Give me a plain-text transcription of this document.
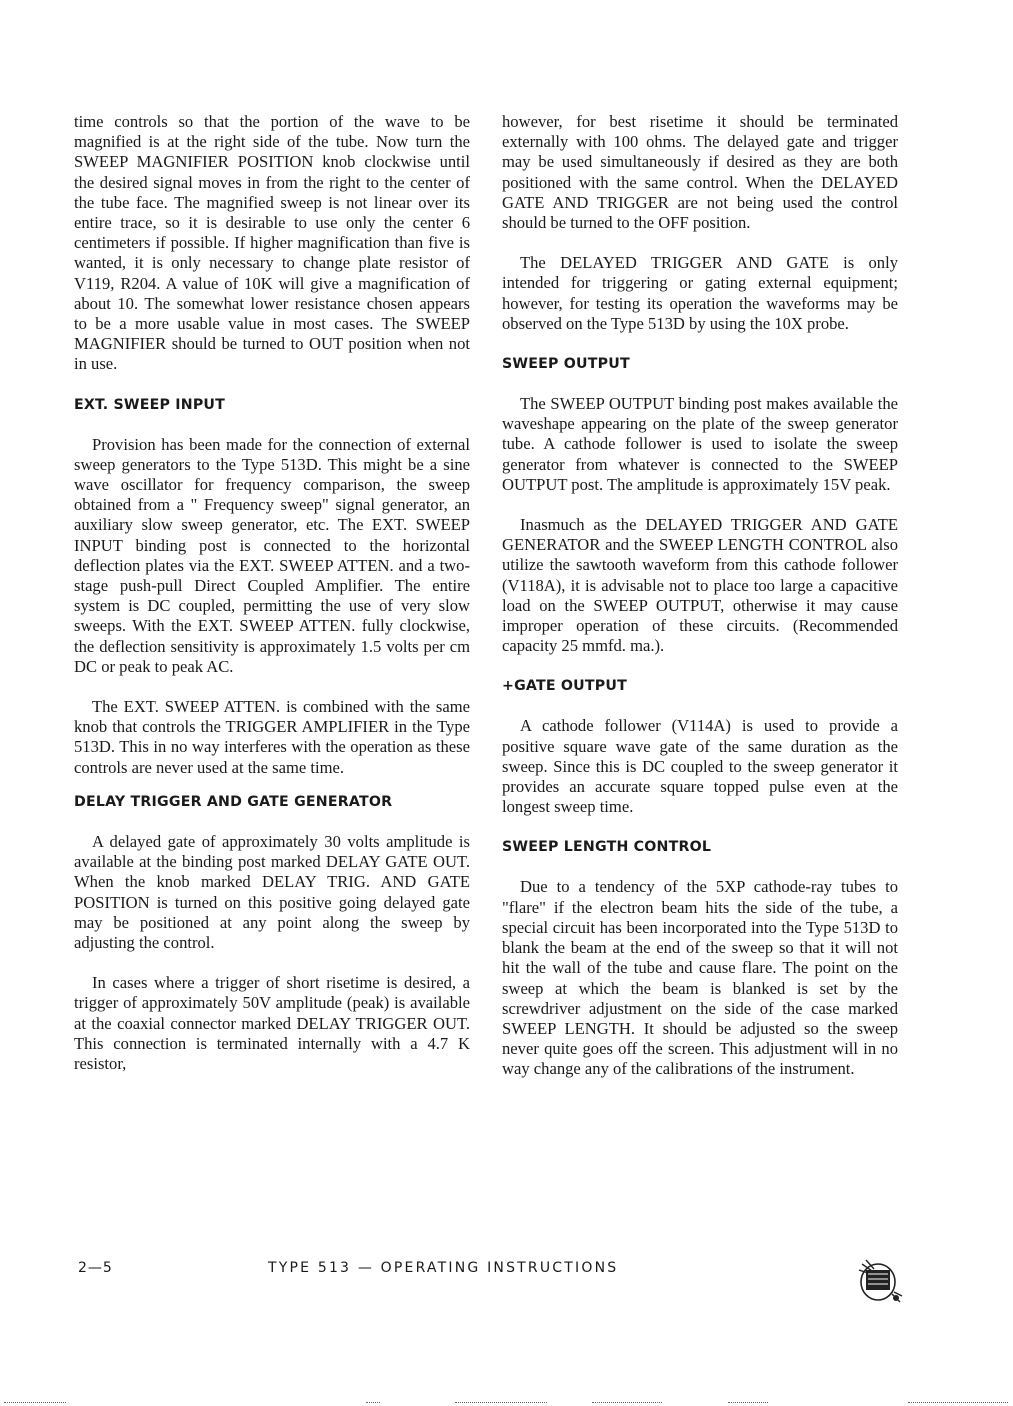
time controls so that the portion of the wave to be magnified is at the right side of the tube. Now turn the SWEEP MAGNIFIER POSITION knob clockwise until the desired signal moves in from the right to the center of the tube face. The magnified sweep is not linear over its entire trace, so it is desirable to use only the center 6 centimeters if possible. If higher magnification than five is wanted, it is only necessary to change plate resistor of V119, R204. A value of 10K will give a magnification of about 10. The somewhat lower resistance chosen appears to be a more usable value in most cases. The SWEEP MAGNIFIER should be turned to OUT position when not in use.

EXT. SWEEP INPUT

Provision has been made for the connection of external sweep generators to the Type 513D. This might be a sine wave oscillator for frequency comparison, the sweep obtained from a " Frequency sweep" signal generator, an auxiliary slow sweep generator, etc. The EXT. SWEEP INPUT binding post is connected to the horizontal deflection plates via the EXT. SWEEP ATTEN. and a two-stage push-pull Direct Coupled Amplifier. The entire system is DC coupled, permitting the use of very slow sweeps. With the EXT. SWEEP ATTEN. fully clockwise, the deflection sensitivity is approximately 1.5 volts per cm DC or peak to peak AC.

The EXT. SWEEP ATTEN. is combined with the same knob that controls the TRIGGER AMPLIFIER in the Type 513D. This in no way interferes with the operation as these controls are never used at the same time.

DELAY TRIGGER AND GATE GENERATOR

A delayed gate of approximately 30 volts amplitude is available at the binding post marked DELAY GATE OUT. When the knob marked DELAY TRIG. AND GATE POSITION is turned on this positive going delayed gate may be positioned at any point along the sweep by adjusting the control.

In cases where a trigger of short risetime is desired, a trigger of approximately 50V amplitude (peak) is available at the coaxial connector marked DELAY TRIGGER OUT. This connection is terminated internally with a 4.7 K resistor,

however, for best risetime it should be terminated externally with 100 ohms. The delayed gate and trigger may be used simultaneously if desired as they are both positioned with the same control. When the DELAYED GATE AND TRIGGER are not being used the control should be turned to the OFF position.

The DELAYED TRIGGER AND GATE is only intended for triggering or gating external equipment; however, for testing its operation the waveforms may be observed on the Type 513D by using the 10X probe.

SWEEP OUTPUT

The SWEEP OUTPUT binding post makes available the waveshape appearing on the plate of the sweep generator tube. A cathode follower is used to isolate the sweep generator from whatever is connected to the SWEEP OUTPUT post. The amplitude is approximately 15V peak.

Inasmuch as the DELAYED TRIGGER AND GATE GENERATOR and the SWEEP LENGTH CONTROL also utilize the sawtooth waveform from this cathode follower (V118A), it is advisable not to place too large a capacitive load on the SWEEP OUTPUT, otherwise it may cause improper operation of these circuits. (Recommended capacity 25 mmfd. ma.).

+GATE OUTPUT

A cathode follower (V114A) is used to provide a positive square wave gate of the same duration as the sweep. Since this is DC coupled to the sweep generator it provides an accurate square topped pulse even at the longest sweep time.

SWEEP LENGTH CONTROL

Due to a tendency of the 5XP cathode-ray tubes to "flare" if the electron beam hits the side of the tube, a special circuit has been incorporated into the Type 513D to blank the beam at the end of the sweep so that it will not hit the wall of the tube and cause flare. The point on the sweep at which the beam is blanked is set by the screwdriver adjustment on the side of the case marked SWEEP LENGTH. It should be adjusted so the sweep never quite goes off the screen. This adjustment will in no way change any of the calibrations of the instrument.

2—5	TYPE 513 — OPERATING INSTRUCTIONS
